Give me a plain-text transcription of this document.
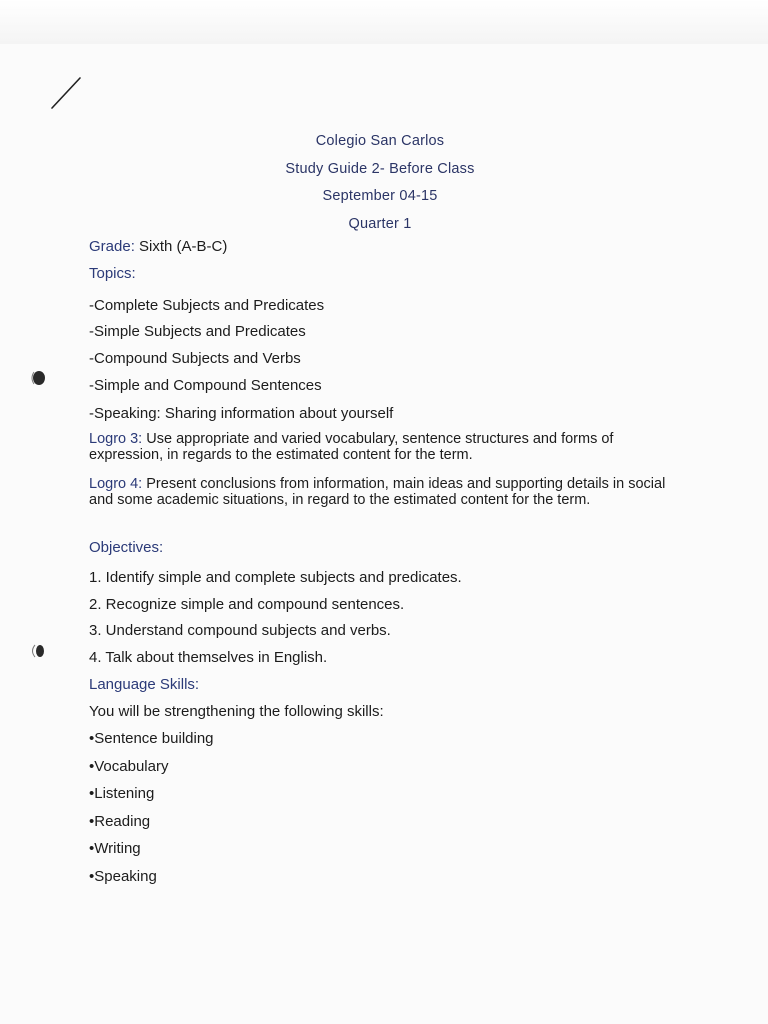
Colegio San Carlos
Study Guide 2- Before Class
September 04-15
Quarter 1
Grade: Sixth (A-B-C)
Topics:
-Complete Subjects and Predicates
-Simple Subjects and Predicates
-Compound Subjects and Verbs
-Simple and Compound Sentences
-Speaking: Sharing information about yourself
Logro 3: Use appropriate and varied vocabulary, sentence structures and forms of expression, in regards to the estimated content for the term.
Logro 4: Present conclusions from information, main ideas and supporting details in social and some academic situations, in regard to the estimated content for the term.
Objectives:
1. Identify simple and complete subjects and predicates.
2. Recognize simple and compound sentences.
3. Understand compound subjects and verbs.
4. Talk about themselves in English.
Language Skills:
You will be strengthening the following skills:
•Sentence building
•Vocabulary
•Listening
•Reading
•Writing
•Speaking
